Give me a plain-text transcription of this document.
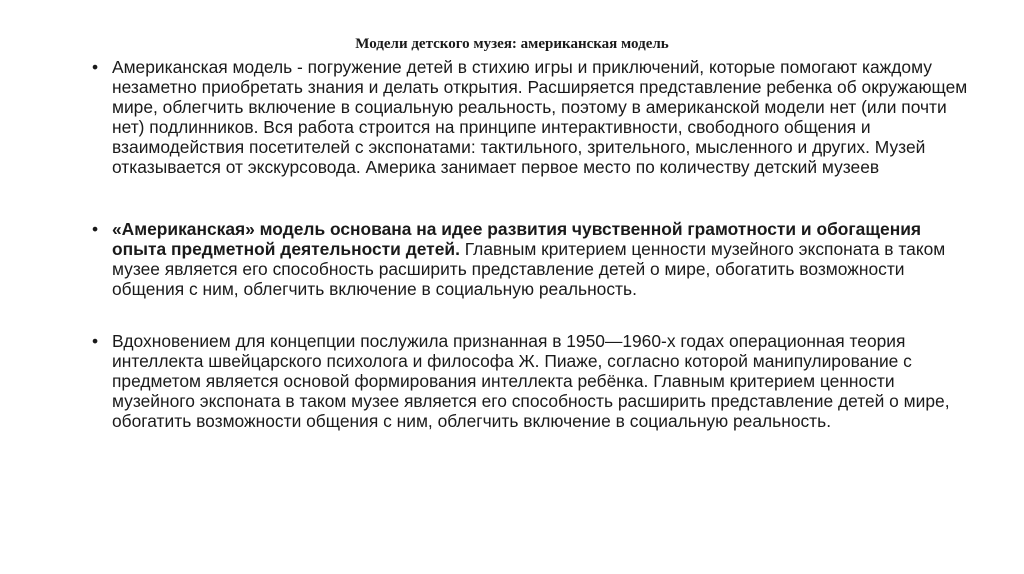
Модели детского музея: американская модель
• Американская модель - погружение детей в стихию игры и приключений, которые помогают каждому незаметно приобретать знания и делать открытия. Расширяется представление ребенка об окружающем мире, облегчить включение в социальную реальность, поэтому в американской модели нет (или почти нет) подлинников. Вся работа строится на принципе интерактивности, свободного общения и взаимодействия посетителей с экспонатами: тактильного, зрительного, мысленного и других. Музей отказывается от экскурсовода. Америка занимает первое место по количеству детский музеев
• «Американская» модель основана на идее развития чувственной грамотности и обогащения опыта предметной деятельности детей. Главным критерием ценности музейного экспоната в таком музее является его способность расширить представление детей о мире, обогатить возможности общения с ним, облегчить включение в социальную реальность.
• Вдохновением для концепции послужила признанная в 1950—1960-х годах операционная теория интеллекта швейцарского психолога и философа Ж. Пиаже, согласно которой манипулирование с предметом является основой формирования интеллекта ребёнка. Главным критерием ценности музейного экспоната в таком музее является его способность расширить представление детей о мире, обогатить возможности общения с ним, облегчить включение в социальную реальность.
